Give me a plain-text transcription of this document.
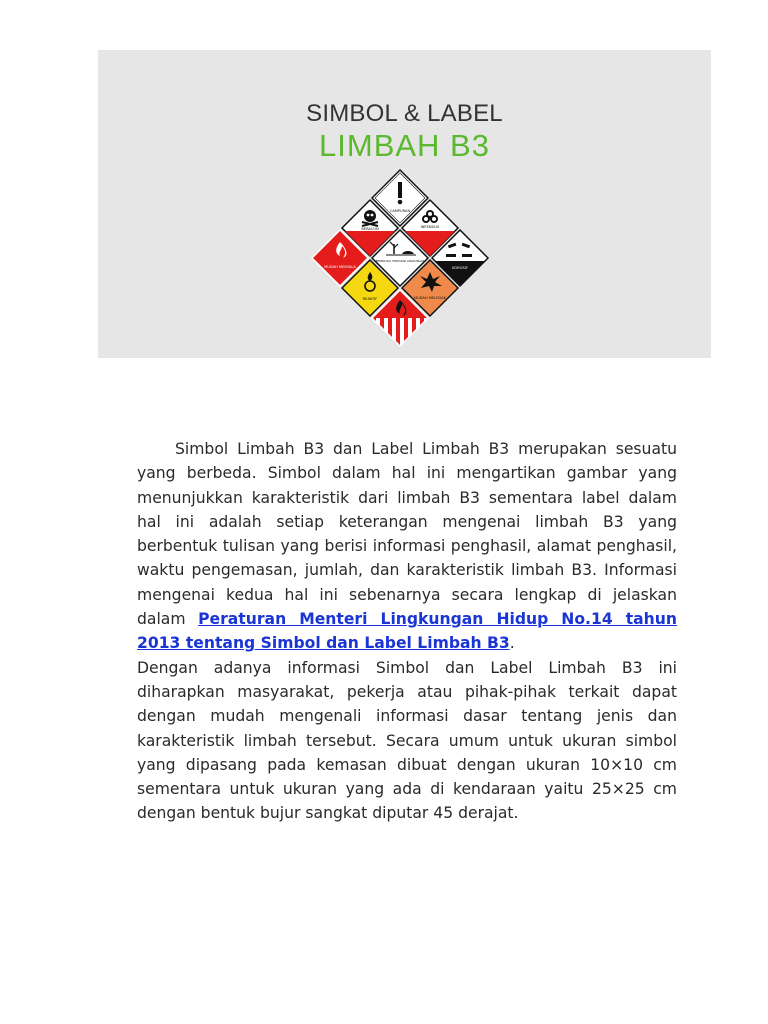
SIMBOL & LABEL
LIMBAH B3
CAMPURAN
BERACUN	INFEKSIUS
MUDAH MENYALA
BERBAHAYA TERHADAP LINGKUNGAN
KOROSIF
REAKTIF	MUDAH MELEDAK

Simbol Limbah B3 dan Label Limbah B3 merupakan sesuatu yang berbeda. Simbol dalam hal ini mengartikan gambar yang menunjukkan karakteristik dari limbah B3 sementara label dalam hal ini adalah setiap keterangan mengenai limbah B3 yang berbentuk tulisan yang berisi informasi penghasil, alamat penghasil, waktu pengemasan, jumlah, dan karakteristik limbah B3. Informasi mengenai kedua hal ini sebenarnya secara lengkap di jelaskan dalam Peraturan Menteri Lingkungan Hidup No.14 tahun 2013 tentang Simbol dan Label Limbah B3.

Dengan adanya informasi Simbol dan Label Limbah B3 ini diharapkan masyarakat, pekerja atau pihak-pihak terkait dapat dengan mudah mengenali informasi dasar tentang jenis dan karakteristik limbah tersebut. Secara umum untuk ukuran simbol yang dipasang pada kemasan dibuat dengan ukuran 10×10 cm sementara untuk ukuran yang ada di kendaraan yaitu 25×25 cm dengan bentuk bujur sangkat diputar 45 derajat.
